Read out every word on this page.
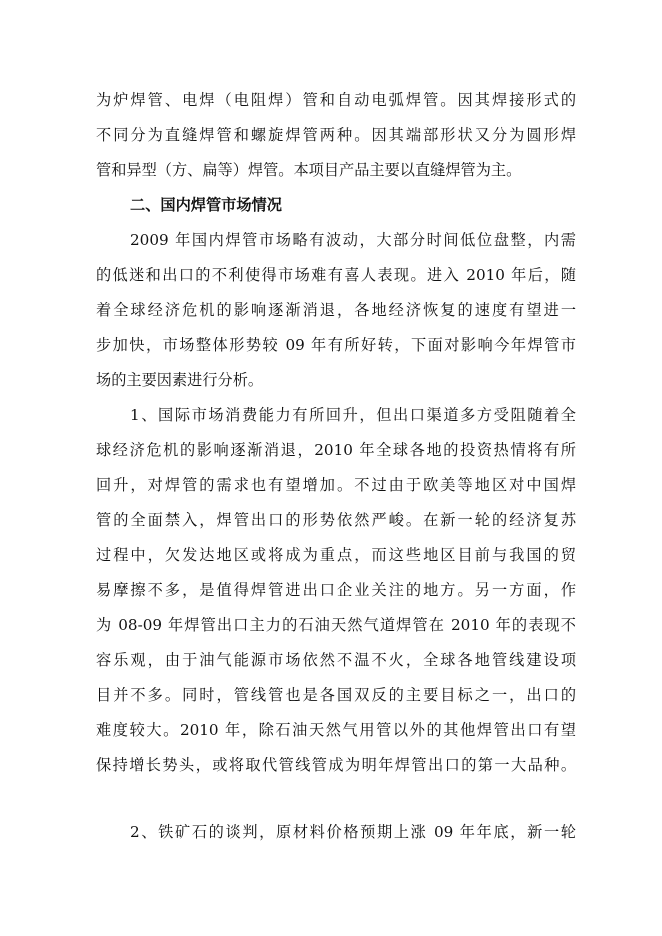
为炉焊管、电焊（电阻焊）管和自动电弧焊管。因其焊接形式的
不同分为直缝焊管和螺旋焊管两种。因其端部形状又分为圆形焊
管和异型（方、扁等）焊管。本项目产品主要以直缝焊管为主。
二、国内焊管市场情况
2009 年国内焊管市场略有波动，大部分时间低位盘整，内需
的低迷和出口的不利使得市场难有喜人表现。进入 2010 年后，随
着全球经济危机的影响逐渐消退，各地经济恢复的速度有望进一
步加快，市场整体形势较 09 年有所好转，下面对影响今年焊管市
场的主要因素进行分析。
1、国际市场消费能力有所回升，但出口渠道多方受阻随着全
球经济危机的影响逐渐消退，2010 年全球各地的投资热情将有所
回升，对焊管的需求也有望增加。不过由于欧美等地区对中国焊
管的全面禁入，焊管出口的形势依然严峻。在新一轮的经济复苏
过程中，欠发达地区或将成为重点，而这些地区目前与我国的贸
易摩擦不多，是值得焊管进出口企业关注的地方。另一方面，作
为 08-09 年焊管出口主力的石油天然气道焊管在 2010 年的表现不
容乐观，由于油气能源市场依然不温不火，全球各地管线建设项
目并不多。同时，管线管也是各国双反的主要目标之一，出口的
难度较大。2010 年，除石油天然气用管以外的其他焊管出口有望
保持增长势头，或将取代管线管成为明年焊管出口的第一大品种。
2、铁矿石的谈判，原材料价格预期上涨 09 年年底，新一轮
